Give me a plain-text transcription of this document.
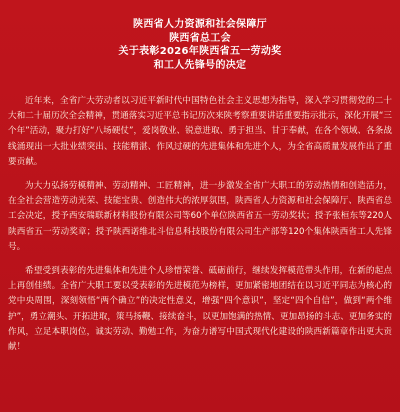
陕西省人力资源和社会保障厅
陕西省总工会
关于表彰2026年陕西省五一劳动奖
和工人先锋号的决定

近年来，全省广大劳动者以习近平新时代中国特色社会主义思想为指导，深入学习贯彻党的二十大和二十届历次全会精神，贯通落实习近平总书记历次来陕考察重要讲话重要指示批示，深化开展“三个年”活动，聚力打好“八场硬仗”，爱岗敬业、锐意进取、勇于担当、甘于奉献，在各个领域、各条战线涌现出一大批业绩突出、技能精湛、作风过硬的先进集体和先进个人，为全省高质量发展作出了重要贡献。

为大力弘扬劳模精神、劳动精神、工匠精神，进一步激发全省广大职工的劳动热情和创造活力，在全社会营造劳动光荣、技能宝贵、创造伟大的浓厚氛围，陕西省人力资源和社会保障厅、陕西省总工会决定，授予西安瑞联新材料股份有限公司等60个单位陕西省五一劳动奖状；授予张桓东等220人陕西省五一劳动奖章；授予陕西诺维北斗信息科技股份有限公司生产部等120个集体陕西省工人先锋号。

希望受到表彰的先进集体和先进个人珍惜荣誉、砥砺前行，继续发挥模范带头作用，在新的起点上再创佳绩。全省广大职工要以受表彰的先进模范为榜样，更加紧密地团结在以习近平同志为核心的党中央周围，深刻领悟“两个确立”的决定性意义，增强“四个意识”，坚定“四个自信”，做到“两个维护”，勇立潮头、开拓进取，策马扬鞭、接续奋斗，以更加饱满的热情、更加昂扬的斗志、更加务实的作风，立足本职岗位，诚实劳动、勤勉工作，为奋力谱写中国式现代化建设的陕西新篇章作出更大贡献！
